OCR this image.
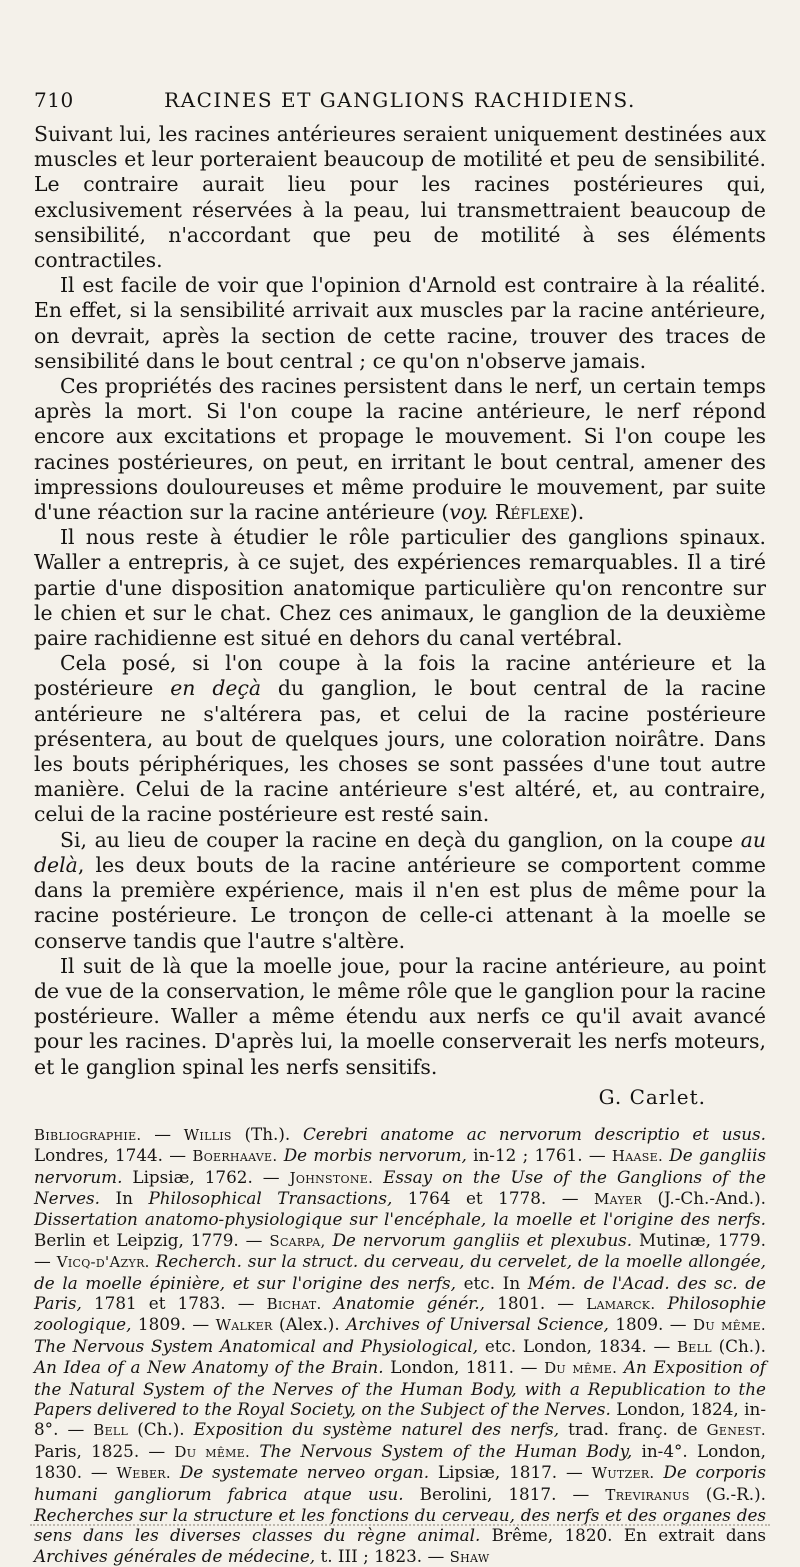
710	RACINES ET GANGLIONS RACHIDIENS.

Suivant lui, les racines antérieures seraient uniquement destinées aux muscles et leur porteraient beaucoup de motilité et peu de sensibilité. Le contraire aurait lieu pour les racines postérieures qui, exclusivement réservées à la peau, lui transmettraient beaucoup de sensibilité, n'accordant que peu de motilité à ses éléments contractiles.

Il est facile de voir que l'opinion d'Arnold est contraire à la réalité. En effet, si la sensibilité arrivait aux muscles par la racine antérieure, on devrait, après la section de cette racine, trouver des traces de sensibilité dans le bout central ; ce qu'on n'observe jamais.

Ces propriétés des racines persistent dans le nerf, un certain temps après la mort. Si l'on coupe la racine antérieure, le nerf répond encore aux excitations et propage le mouvement. Si l'on coupe les racines postérieures, on peut, en irritant le bout central, amener des impressions douloureuses et même produire le mouvement, par suite d'une réaction sur la racine antérieure (voy. Réflexe).

Il nous reste à étudier le rôle particulier des ganglions spinaux. Waller a entrepris, à ce sujet, des expériences remarquables. Il a tiré partie d'une disposition anatomique particulière qu'on rencontre sur le chien et sur le chat. Chez ces animaux, le ganglion de la deuxième paire rachidienne est situé en dehors du canal vertébral.

Cela posé, si l'on coupe à la fois la racine antérieure et la postérieure en deçà du ganglion, le bout central de la racine antérieure ne s'altérera pas, et celui de la racine postérieure présentera, au bout de quelques jours, une coloration noirâtre. Dans les bouts périphériques, les choses se sont passées d'une tout autre manière. Celui de la racine antérieure s'est altéré, et, au contraire, celui de la racine postérieure est resté sain.

Si, au lieu de couper la racine en deçà du ganglion, on la coupe au delà, les deux bouts de la racine antérieure se comportent comme dans la première expérience, mais il n'en est plus de même pour la racine postérieure. Le tronçon de celle-ci attenant à la moelle se conserve tandis que l'autre s'altère.

Il suit de là que la moelle joue, pour la racine antérieure, au point de vue de la conservation, le même rôle que le ganglion pour la racine postérieure. Waller a même étendu aux nerfs ce qu'il avait avancé pour les racines. D'après lui, la moelle conserverait les nerfs moteurs, et le ganglion spinal les nerfs sensitifs.

G. Carlet.
Bibliographie. — Willis (Th.). Cerebri anatome ac nervorum descriptio et usus. Londres, 1744. — Boerhaave. De morbis nervorum, in-12 ; 1761. — Haase. De gangliis nervorum. Lipsiæ, 1762. — Johnstone. Essay on the Use of the Ganglions of the Nerves. In Philosophical Transactions, 1764 et 1778. — Mayer (J.-Ch.-And.). Dissertation anatomo-physiologique sur l'encéphale, la moelle et l'origine des nerfs. Berlin et Leipzig, 1779. — Scarpa, De nervorum gangliis et plexubus. Mutinæ, 1779. — Vicq-d'Azyr. Recherch. sur la struct. du cerveau, du cervelet, de la moelle allongée, de la moelle épinière, et sur l'origine des nerfs, etc. In Mém. de l'Acad. des sc. de Paris, 1781 et 1783. — Bichat. Anatomie génér., 1801. — Lamarck. Philosophie zoologique, 1809. — Walker (Alex.). Archives of Universal Science, 1809. — Du même. The Nervous System Anatomical and Physiological, etc. London, 1834. — Bell (Ch.). An Idea of a New Anatomy of the Brain. London, 1811. — Du même. An Exposition of the Natural System of the Nerves of the Human Body, with a Republication to the Papers delivered to the Royal Society, on the Subject of the Nerves. London, 1824, in-8°. — Bell (Ch.). Exposition du système naturel des nerfs, trad. franç. de Genest. Paris, 1825. — Du même. The Nervous System of the Human Body, in-4°. London, 1830. — Weber. De systemate nerveo organ. Lipsiæ, 1817. — Wutzer. De corporis humani gangliorum fabrica atque usu. Berolini, 1817. — Treviranus (G.-R.). Recherches sur la structure et les fonctions du cerveau, des nerfs et des organes des sens dans les diverses classes du règne animal. Brême, 1820. En extrait dans Archives générales de médecine, t. III ; 1823. — Shaw
